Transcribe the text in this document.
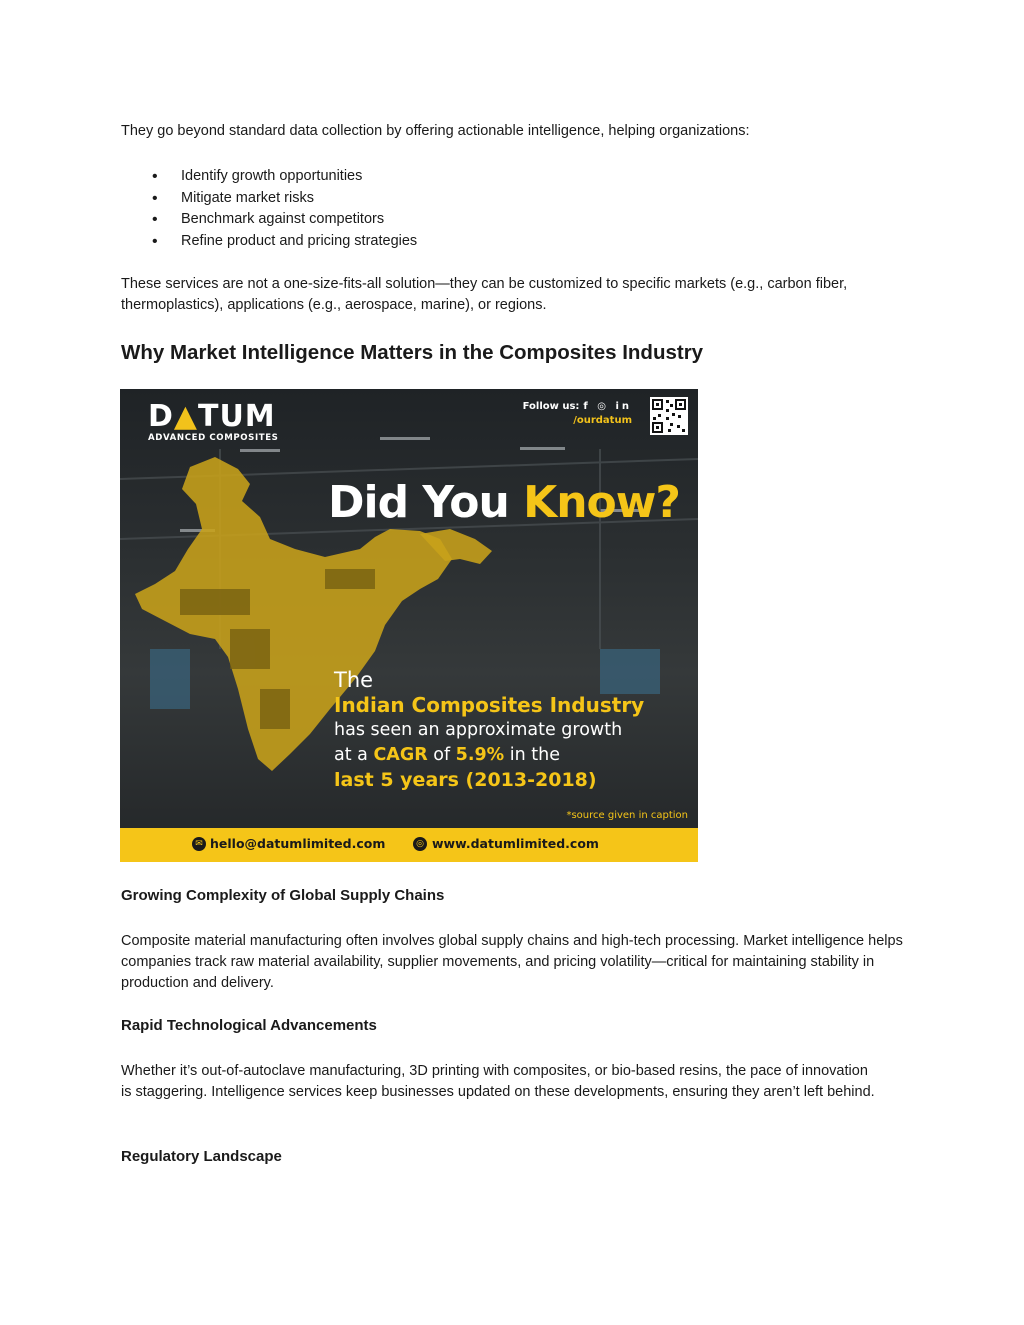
They go beyond standard data collection by offering actionable intelligence, helping organizations:

• Identify growth opportunities
• Mitigate market risks
• Benchmark against competitors
• Refine product and pricing strategies

These services are not a one-size-fits-all solution—they can be customized to specific markets (e.g., carbon fiber, thermoplastics), applications (e.g., aerospace, marine), or regions.

Why Market Intelligence Matters in the Composites Industry
D▲TUM
ADVANCED COMPOSITES
Follow us: f ◎ in
/ourdatum
Did You Know?
The
Indian Composites Industry
has seen an approximate growth
at a CAGR of 5.9% in the
last 5 years (2013-2018)
*source given in caption
✉ hello@datumlimited.com	◎ www.datumlimited.com
Growing Complexity of Global Supply Chains

Composite material manufacturing often involves global supply chains and high-tech processing. Market intelligence helps companies track raw material availability, supplier movements, and pricing volatility—critical for maintaining stability in production and delivery.

Rapid Technological Advancements

Whether it’s out-of-autoclave manufacturing, 3D printing with composites, or bio-based resins, the pace of innovation is staggering. Intelligence services keep businesses updated on these developments, ensuring they aren’t left behind.

Regulatory Landscape
